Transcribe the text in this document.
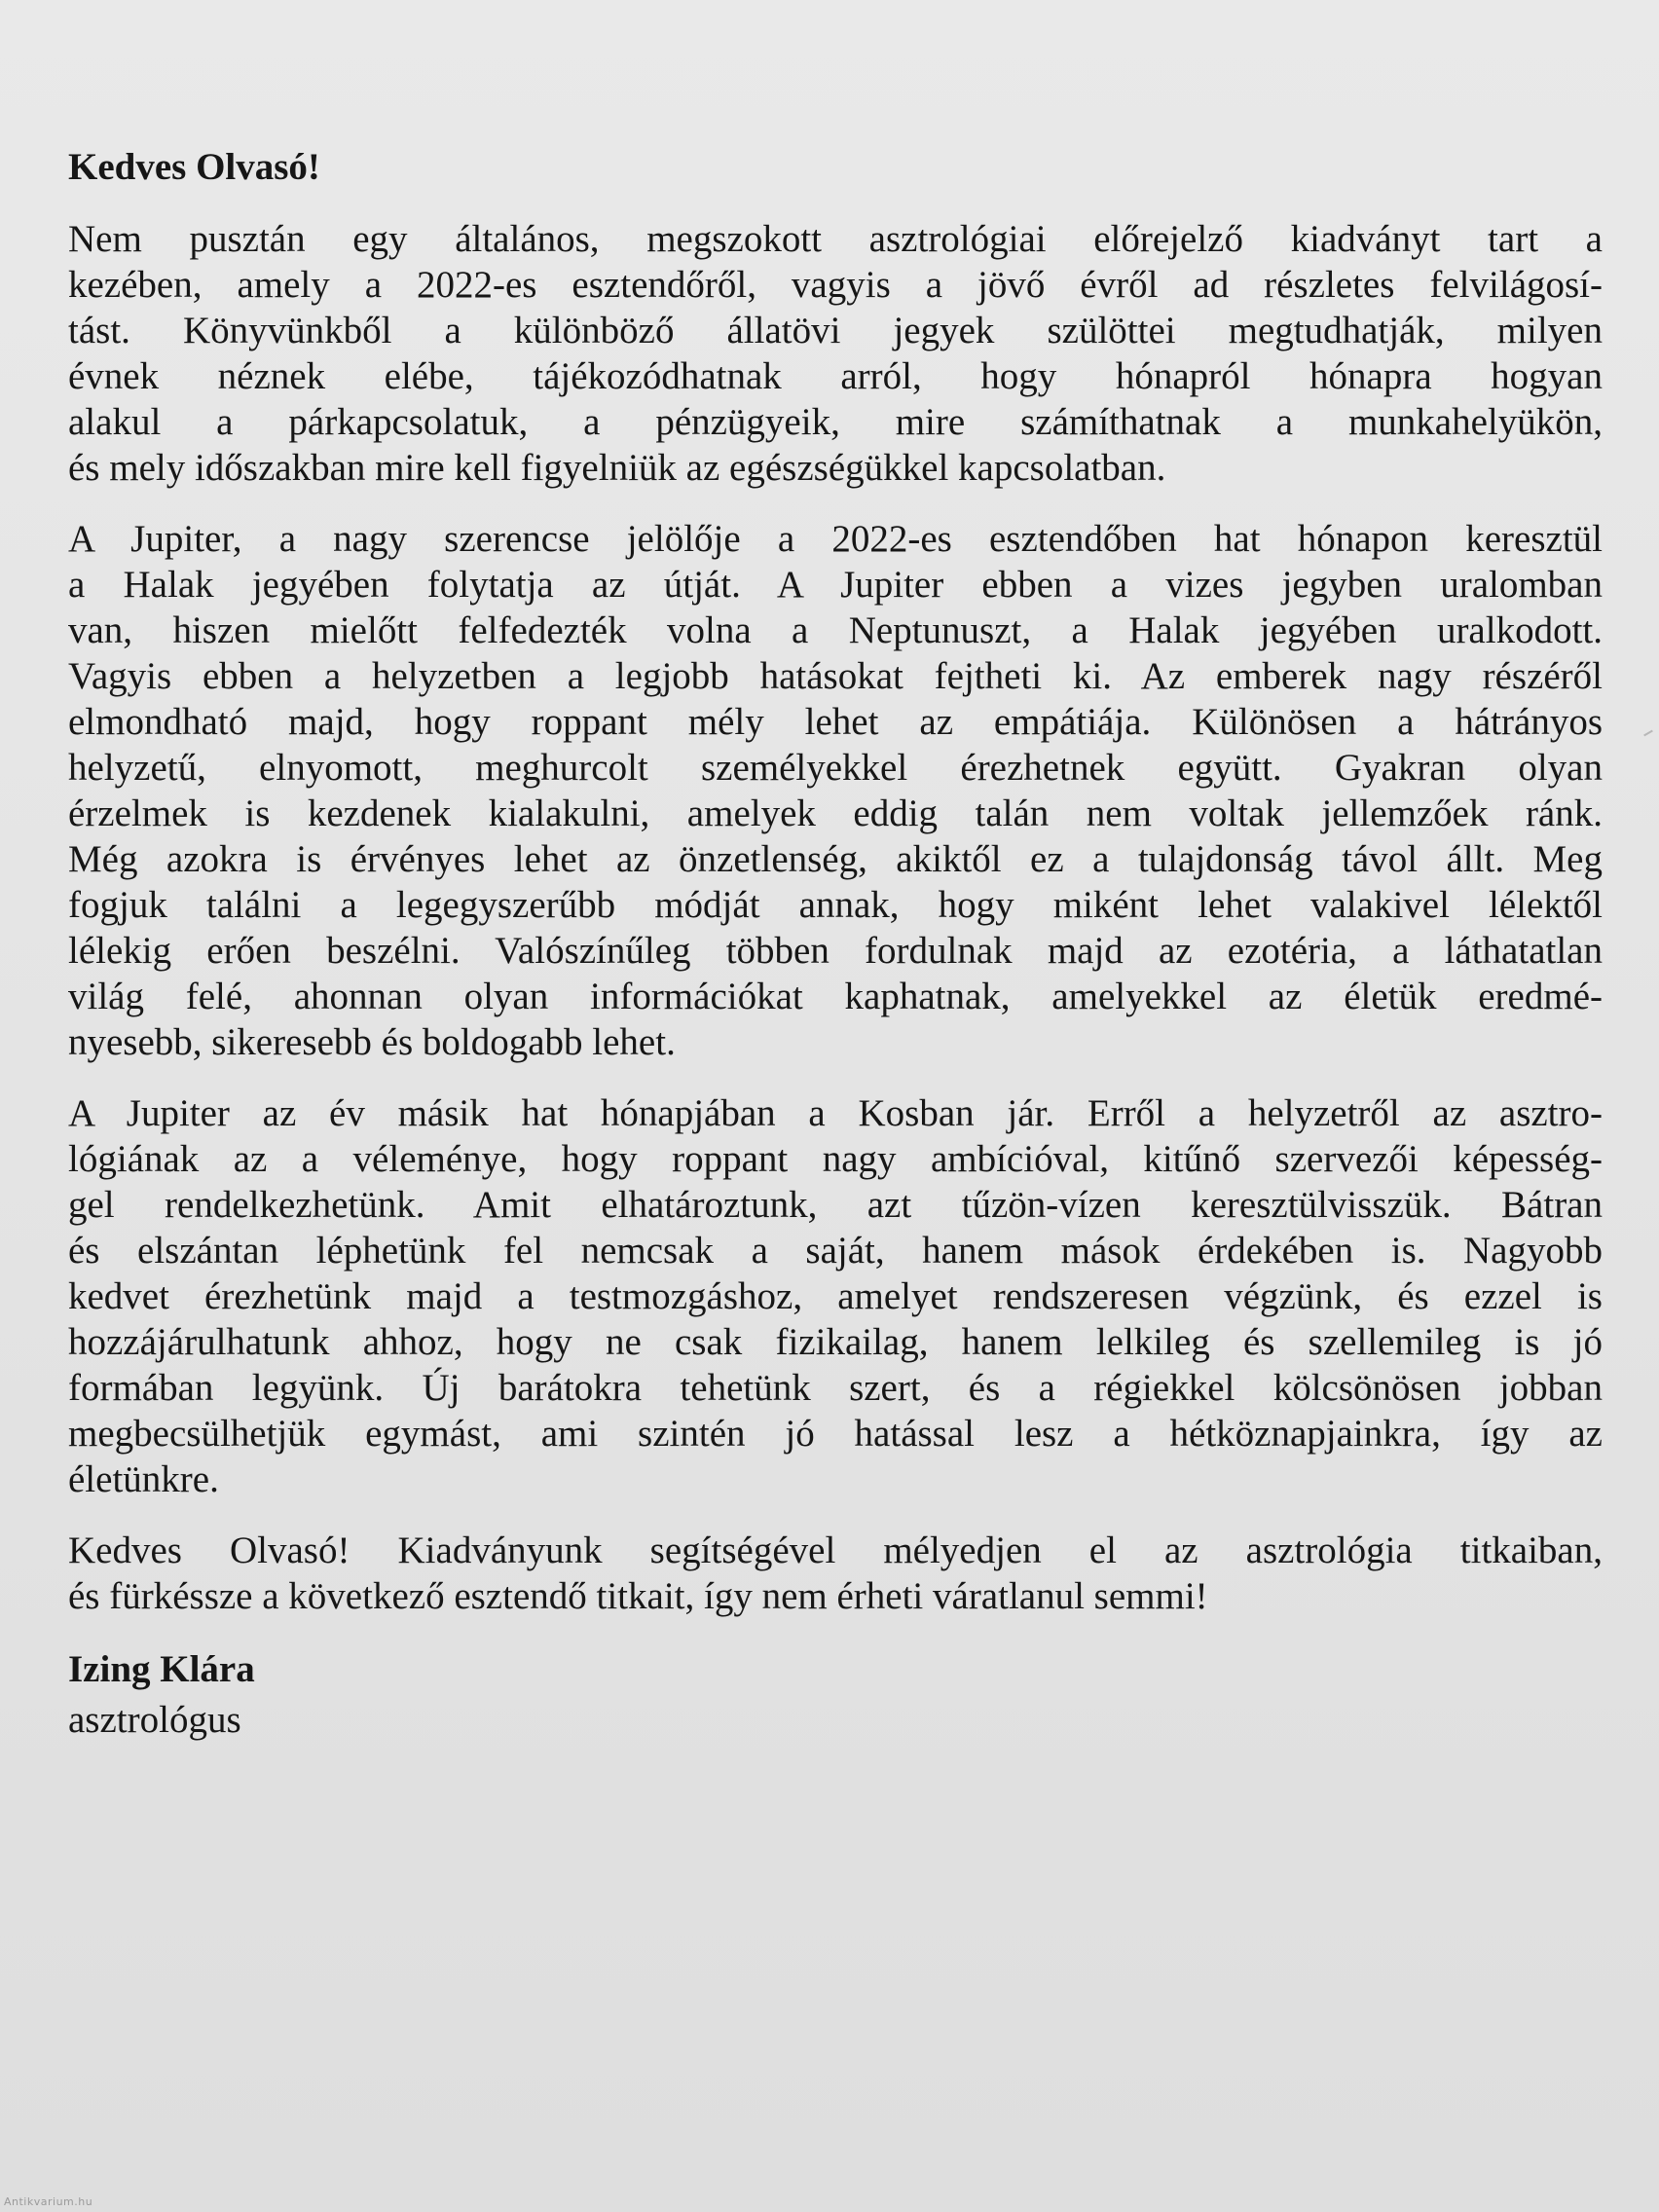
Kedves Olvasó!
Nem pusztán egy általános, megszokott asztrológiai előrejelző kiadványt tart a
kezében, amely a 2022-es esztendőről, vagyis a jövő évről ad részletes felvilágosí-
tást. Könyvünkből a különböző állatövi jegyek szülöttei megtudhatják, milyen
évnek néznek elébe, tájékozódhatnak arról, hogy hónapról hónapra hogyan
alakul a párkapcsolatuk, a pénzügyeik, mire számíthatnak a munkahelyükön,
és mely időszakban mire kell figyelniük az egészségükkel kapcsolatban.
A Jupiter, a nagy szerencse jelölője a 2022-es esztendőben hat hónapon keresztül
a Halak jegyében folytatja az útját. A Jupiter ebben a vizes jegyben uralomban
van, hiszen mielőtt felfedezték volna a Neptunuszt, a Halak jegyében uralkodott.
Vagyis ebben a helyzetben a legjobb hatásokat fejtheti ki. Az emberek nagy részéről
elmondható majd, hogy roppant mély lehet az empátiája. Különösen a hátrányos
helyzetű, elnyomott, meghurcolt személyekkel érezhetnek együtt. Gyakran olyan
érzelmek is kezdenek kialakulni, amelyek eddig talán nem voltak jellemzőek ránk.
Még azokra is érvényes lehet az önzetlenség, akiktől ez a tulajdonság távol állt. Meg
fogjuk találni a legegyszerűbb módját annak, hogy miként lehet valakivel lélektől
lélekig erően beszélni. Valószínűleg többen fordulnak majd az ezotéria, a láthatatlan
világ felé, ahonnan olyan információkat kaphatnak, amelyekkel az életük eredmé-
nyesebb, sikeresebb és boldogabb lehet.
A Jupiter az év másik hat hónapjában a Kosban jár. Erről a helyzetről az asztro-
lógiának az a véleménye, hogy roppant nagy ambícióval, kitűnő szervezői képesség-
gel rendelkezhetünk. Amit elhatároztunk, azt tűzön-vízen keresztülvisszük. Bátran
és elszántan léphetünk fel nemcsak a saját, hanem mások érdekében is. Nagyobb
kedvet érezhetünk majd a testmozgáshoz, amelyet rendszeresen végzünk, és ezzel is
hozzájárulhatunk ahhoz, hogy ne csak fizikailag, hanem lelkileg és szellemileg is jó
formában legyünk. Új barátokra tehetünk szert, és a régiekkel kölcsönösen jobban
megbecsülhetjük egymást, ami szintén jó hatással lesz a hétköznapjainkra, így az
életünkre.
Kedves Olvasó! Kiadványunk segítségével mélyedjen el az asztrológia titkaiban,
és fürkéssze a következő esztendő titkait, így nem érheti váratlanul semmi!
Izing Klára
asztrológus
Antikvarium.hu
